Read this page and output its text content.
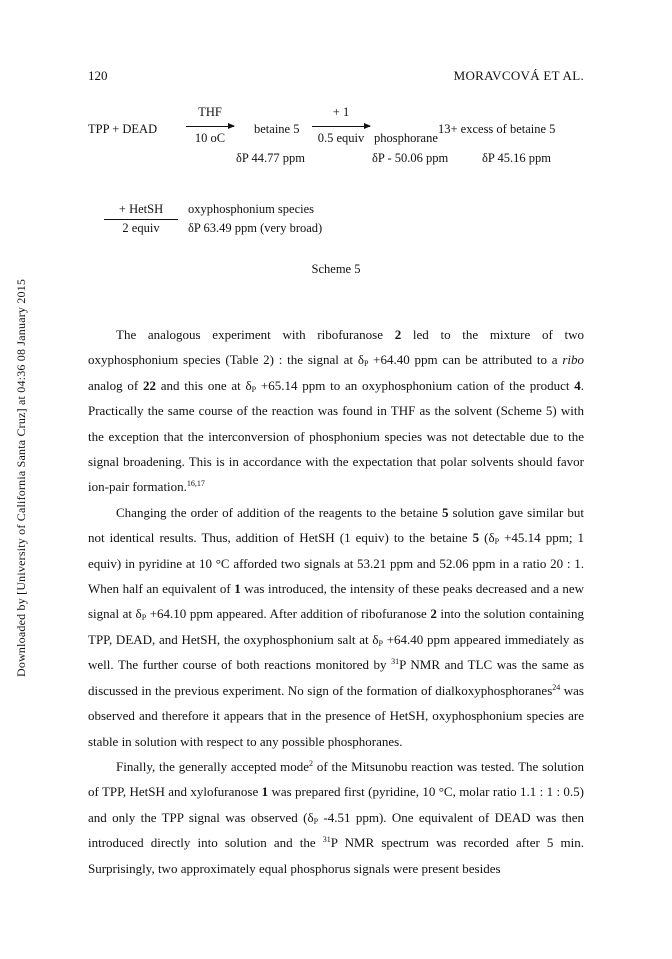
120	MORAVCOVÁ ET AL.
TPP + DEAD
THF
10 oC
betaine 5
+ 1
0.5 equiv phosphorane
13+ excess of betaine 5
δP 44.77 ppm	δP - 50.06 ppm	δP 45.16 ppm
+ HetSH
2 equiv
oxyphosphonium species
δP 63.49 ppm (very broad)
Scheme 5
Downloaded by [University of California Santa Cruz] at 04:36 08 January 2015	The analogous experiment with ribofuranose 2 led to the mixture of two oxyphosphonium species (Table 2) : the signal at $\delta_P +64.40$ ppm can be attributed to a ribo analog of 22 and this one at $\delta_P +65.14$ ppm to an oxyphosphonium cation of the product 4. Practically the same course of the reaction was found in THF as the solvent (Scheme 5) with the exception that the interconversion of phosphonium species was not detectable due to the signal broadening. This is in accordance with the expectation that polar solvents should favor ion-pair formation.$^{16,17}$

Changing the order of addition of the reagents to the betaine 5 solution gave similar but not identical results. Thus, addition of HetSH (1 equiv) to the betaine 5 ($\delta_P +45.14$ ppm; 1 equiv) in pyridine at 10 °C afforded two signals at 53.21 ppm and 52.06 ppm in a ratio 20 : 1. When half an equivalent of 1 was introduced, the intensity of these peaks decreased and a new signal at $\delta_P +64.10$ ppm appeared. After addition of ribofuranose 2 into the solution containing TPP, DEAD, and HetSH, the oxyphosphonium salt at $\delta_P +64.40$ ppm appeared immediately as well. The further course of both reactions monitored by $^{31}$P NMR and TLC was the same as discussed in the previous experiment. No sign of the formation of dialkoxyphosphoranes$^{24}$ was observed and therefore it appears that in the presence of HetSH, oxyphosphonium species are stable in solution with respect to any possible phosphoranes.

Finally, the generally accepted mode$^2$ of the Mitsunobu reaction was tested. The solution of TPP, HetSH and xylofuranose 1 was prepared first (pyridine, 10 °C, molar ratio 1.1 : 1 : 0.5) and only the TPP signal was observed ($\delta_P$ -4.51 ppm). One equivalent of DEAD was then introduced directly into solution and the $^{31}$P NMR spectrum was recorded after 5 min. Surprisingly, two approximately equal phosphorus signals were present besides
